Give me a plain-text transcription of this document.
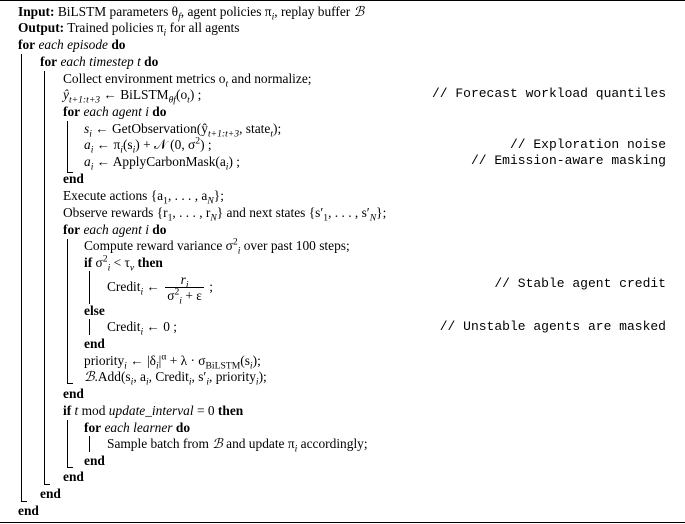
Input: BiLSTM parameters $\theta_f$, agent policies $\pi_i$, replay buffer ℬ
Output: Trained policies $\pi_i$ for all agents
for each episode do
for each timestep t do
Collect environment metrics $o_t$ and normalize;
$ŷ_{t+1:t+3}$ ← $BiLSTM_{\theta f}(o_t)$ ;	// Forecast workload quantiles
for each agent i do
$s_i$ ← $GetObservation(ŷ_{t+1:t+3}$, state$_t$);
$a_i$ ← $\pi_i(s_i)$ + 𝒩 (0, $\sigma^2$) ;	// Exploration noise
$a_i$ ← $ApplyCarbonMask(a_i)$ ;	// Emission-aware masking
end
Execute actions {$a_1$, . . . , $a_N$};
Observe rewards {$r_1$, . . . , $r_N$} and next states {$s'_1$, . . . , $s'_N$};
for each agent i do
Compute reward variance $\sigma^2_i$ over past 100 steps;
if $\sigma^2_i < \tau_v$ then
Credit$_i$ ← $\frac{r_i}{\sigma^2_i + \varepsilon}$ ;	// Stable agent credit
else
Credit$_i$ ← 0 ;	// Unstable agents are masked
end
priority$_i$ ← $|\delta_i|^\alpha + \lambda \cdot \sigma_{BiLSTM}(s_i)$;
$ℬ.Add(s_i$, $a_i$, Credit$_i$, $s'_i$, priority$_i$);
end
if t mod update_interval = 0 then
for each learner do
Sample batch from ℬ and update $\pi_i$ accordingly;
end
end
end
end
